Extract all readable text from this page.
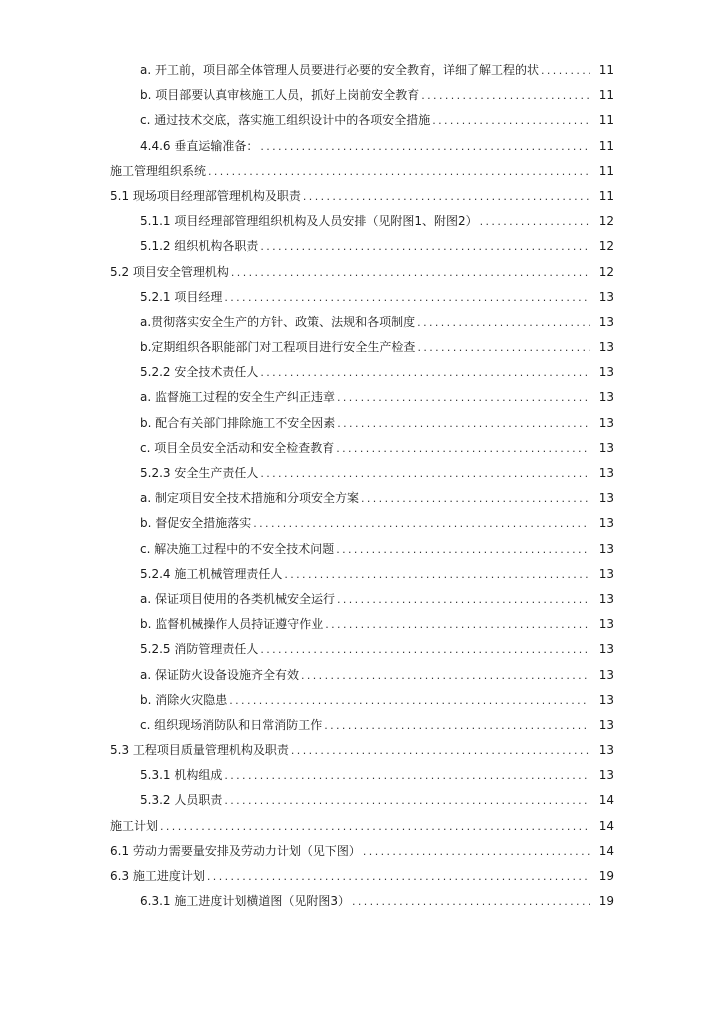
a. 开工前，项目部全体管理人员要进行必要的安全教育，详细了解工程的状 .....	11
b. 项目部要认真审核施工人员，抓好上岗前安全教育 .....	11
c. 通过技术交底，落实施工组织设计中的各项安全措施 .....	11
4.4.6 垂直运输准备： .....	11
施工管理组织系统 .....	11
5.1 现场项目经理部管理机构及职责 .....	11
5.1.1 项目经理部管理组织机构及人员安排（见附图1、附图2） .....	12
5.1.2 组织机构各职责 .....	12
5.2 项目安全管理机构 .....	12
5.2.1 项目经理 .....	13
a.贯彻落实安全生产的方针、政策、法规和各项制度 .....	13
b.定期组织各职能部门对工程项目进行安全生产检查 .....	13
5.2.2 安全技术责任人 .....	13
a. 监督施工过程的安全生产纠正违章 .....	13
b. 配合有关部门排除施工不安全因素 .....	13
c. 项目全员安全活动和安全检查教育 .....	13
5.2.3 安全生产责任人 .....	13
a. 制定项目安全技术措施和分项安全方案 .....	13
b. 督促安全措施落实 .....	13
c. 解决施工过程中的不安全技术问题 .....	13
5.2.4 施工机械管理责任人 .....	13
a. 保证项目使用的各类机械安全运行 .....	13
b. 监督机械操作人员持证遵守作业 .....	13
5.2.5 消防管理责任人 .....	13
a. 保证防火设备设施齐全有效 .....	13
b. 消除火灾隐患 .....	13
c. 组织现场消防队和日常消防工作 .....	13
5.3 工程项目质量管理机构及职责 .....	13
5.3.1 机构组成 .....	13
5.3.2 人员职责 .....	14
施工计划 .....	14
6.1 劳动力需要量安排及劳动力计划（见下图） .....	14
6.3 施工进度计划 .....	19
6.3.1 施工进度计划横道图（见附图3） .....	19
